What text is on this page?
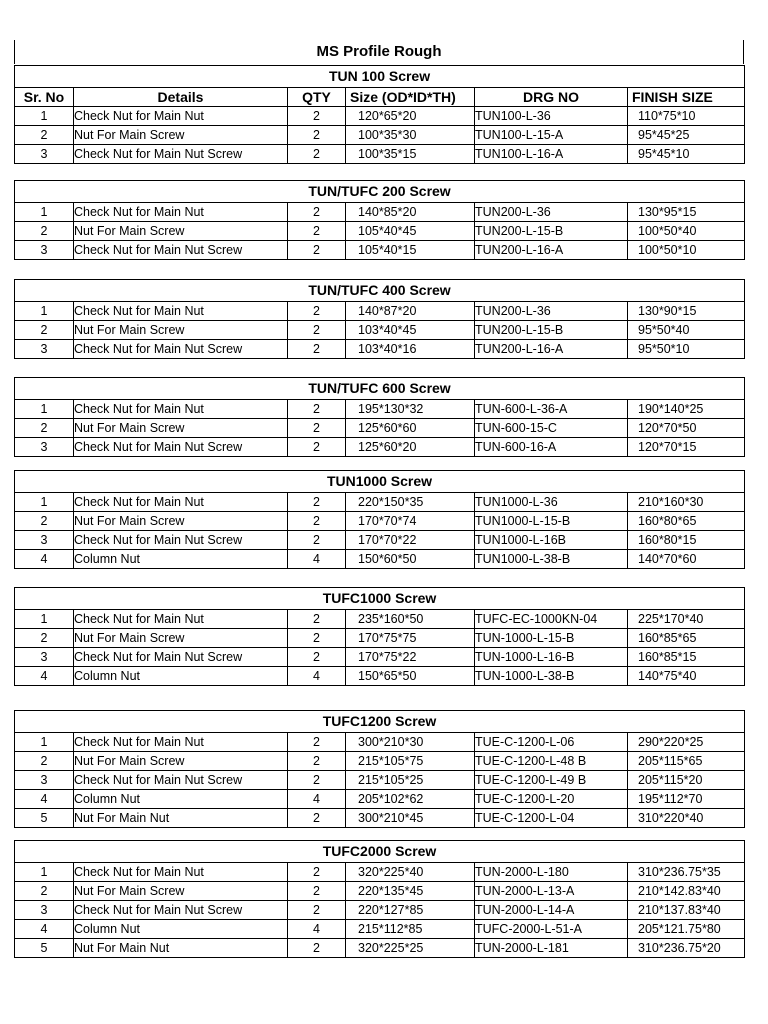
MS Profile Rough
TUN 100 Screw					
Sr. No	Details	QTY	Size (OD*ID*TH)	DRG NO	FINISH SIZE
1	Check Nut for Main Nut	2	120*65*20	TUN100-L-36	110*75*10
2	Nut For Main Screw	2	100*35*30	TUN100-L-15-A	95*45*25
3	Check Nut for Main Nut Screw	2	100*35*15	TUN100-L-16-A	95*45*10
TUN/TUFC 200 Screw					
1	Check Nut for Main Nut	2	140*85*20	TUN200-L-36	130*95*15
2	Nut For Main Screw	2	105*40*45	TUN200-L-15-B	100*50*40
3	Check Nut for Main Nut Screw	2	105*40*15	TUN200-L-16-A	100*50*10
TUN/TUFC 400 Screw					
1	Check Nut for Main Nut	2	140*87*20	TUN200-L-36	130*90*15
2	Nut For Main Screw	2	103*40*45	TUN200-L-15-B	95*50*40
3	Check Nut for Main Nut Screw	2	103*40*16	TUN200-L-16-A	95*50*10
TUN/TUFC 600 Screw					
1	Check Nut for Main Nut	2	195*130*32	TUN-600-L-36-A	190*140*25
2	Nut For Main Screw	2	125*60*60	TUN-600-15-C	120*70*50
3	Check Nut for Main Nut Screw	2	125*60*20	TUN-600-16-A	120*70*15
TUN1000 Screw					
1	Check Nut for Main Nut	2	220*150*35	TUN1000-L-36	210*160*30
2	Nut For Main Screw	2	170*70*74	TUN1000-L-15-B	160*80*65
3	Check Nut for Main Nut Screw	2	170*70*22	TUN1000-L-16B	160*80*15
4	Column Nut	4	150*60*50	TUN1000-L-38-B	140*70*60
TUFC1000 Screw					
1	Check Nut for Main Nut	2	235*160*50	TUFC-EC-1000KN-04	225*170*40
2	Nut For Main Screw	2	170*75*75	TUN-1000-L-15-B	160*85*65
3	Check Nut for Main Nut Screw	2	170*75*22	TUN-1000-L-16-B	160*85*15
4	Column Nut	4	150*65*50	TUN-1000-L-38-B	140*75*40
TUFC1200 Screw					
1	Check Nut for Main Nut	2	300*210*30	TUE-C-1200-L-06	290*220*25
2	Nut For Main Screw	2	215*105*75	TUE-C-1200-L-48 B	205*115*65
3	Check Nut for Main Nut Screw	2	215*105*25	TUE-C-1200-L-49 B	205*115*20
4	Column Nut	4	205*102*62	TUE-C-1200-L-20	195*112*70
5	Nut For Main Nut	2	300*210*45	TUE-C-1200-L-04	310*220*40
TUFC2000 Screw					
1	Check Nut for Main Nut	2	320*225*40	TUN-2000-L-180	310*236.75*35
2	Nut For Main Screw	2	220*135*45	TUN-2000-L-13-A	210*142.83*40
3	Check Nut for Main Nut Screw	2	220*127*85	TUN-2000-L-14-A	210*137.83*40
4	Column Nut	4	215*112*85	TUFC-2000-L-51-A	205*121.75*80
5	Nut For Main Nut	2	320*225*25	TUN-2000-L-181	310*236.75*20
